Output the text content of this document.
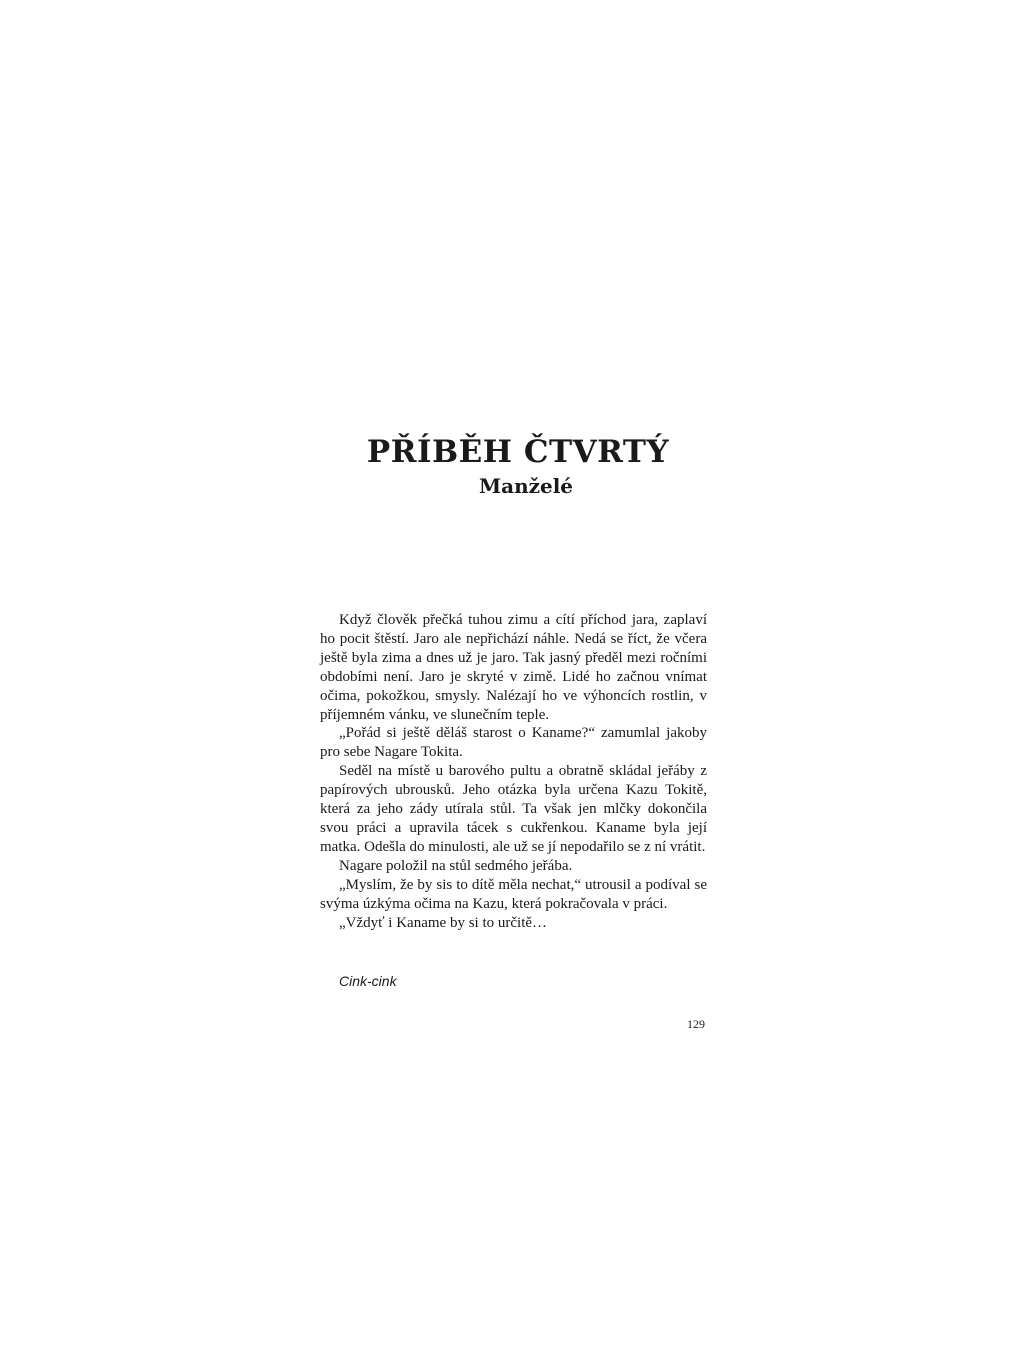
PŘÍBĚH ČTVRTÝ
Manželé

Když člověk přečká tuhou zimu a cítí příchod jara, zaplaví ho pocit štěstí. Jaro ale nepřichází náhle. Nedá se říct, že včera ještě byla zima a dnes už je jaro. Tak jasný předěl mezi ročními obdobími není. Jaro je skryté v zimě. Lidé ho začnou vnímat očima, pokožkou, smysly. Nalézají ho ve výhoncích rostlin, v příjemném vánku, ve slunečním teple.

„Pořád si ještě děláš starost o Kaname?“ zamumlal jakoby pro sebe Nagare Tokita.

Seděl na místě u barového pultu a obratně skládal jeřáby z papírových ubrousků. Jeho otázka byla určena Kazu Tokitě, která za jeho zády utírala stůl. Ta však jen mlčky dokončila svou práci a upravila tácek s cukřenkou. Kaname byla její matka. Odešla do minulosti, ale už se jí nepodařilo se z ní vrátit.

Nagare položil na stůl sedmého jeřába.

„Myslím, že by sis to dítě měla nechat,“ utrousil a podíval se svýma úzkýma očima na Kazu, která pokračovala v práci.

„Vždyť i Kaname by si to určitě…

Cink-cink

129
